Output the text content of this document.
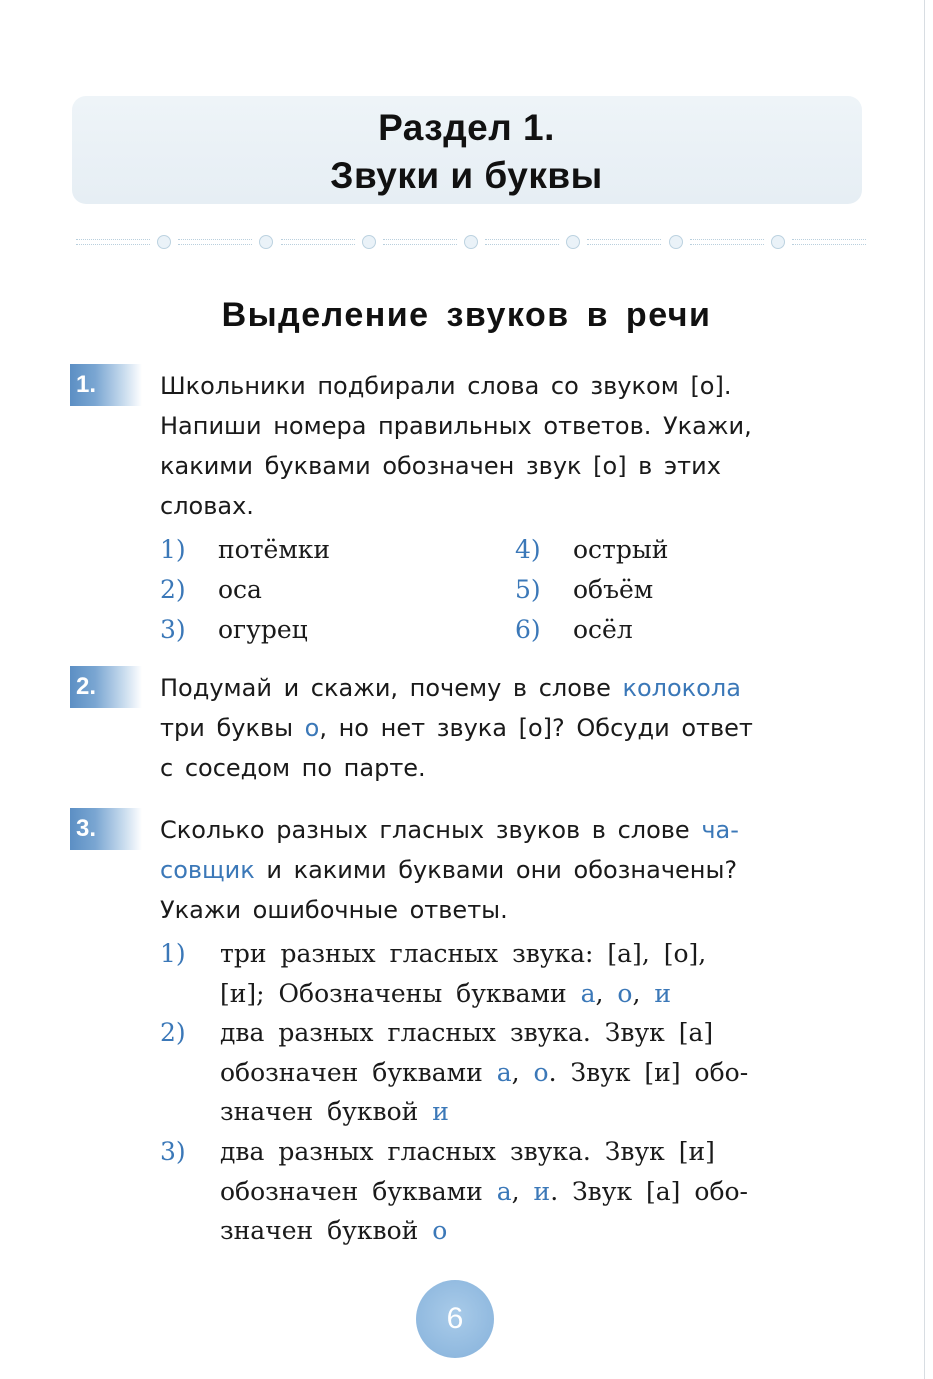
Раздел 1.
Звуки и буквы
Выделение звуков в речи
1.	Школьники подбирали слова со звуком [о].
Напиши номера правильных ответов. Укажи,
какими буквами обозначен звук [о] в этих
словах.
1) потёмки
2) оса
3) огурец
4) острый
5) объём
6) осёл
2.	Подумай и скажи, почему в слове колокола
три буквы о, но нет звука [о]? Обсуди ответ
с соседом по парте.
3.	Сколько разных гласных звуков в слове ча-
совщик и какими буквами они обозначены?
Укажи ошибочные ответы.
1) три разных гласных звука: [а], [о],
[и]; Обозначены буквами а, о, и
2) два разных гласных звука. Звук [а]
обозначен буквами а, о. Звук [и] обо-
значен буквой и
3) два разных гласных звука. Звук [и]
обозначен буквами а, и. Звук [а] обо-
значен буквой о
6
